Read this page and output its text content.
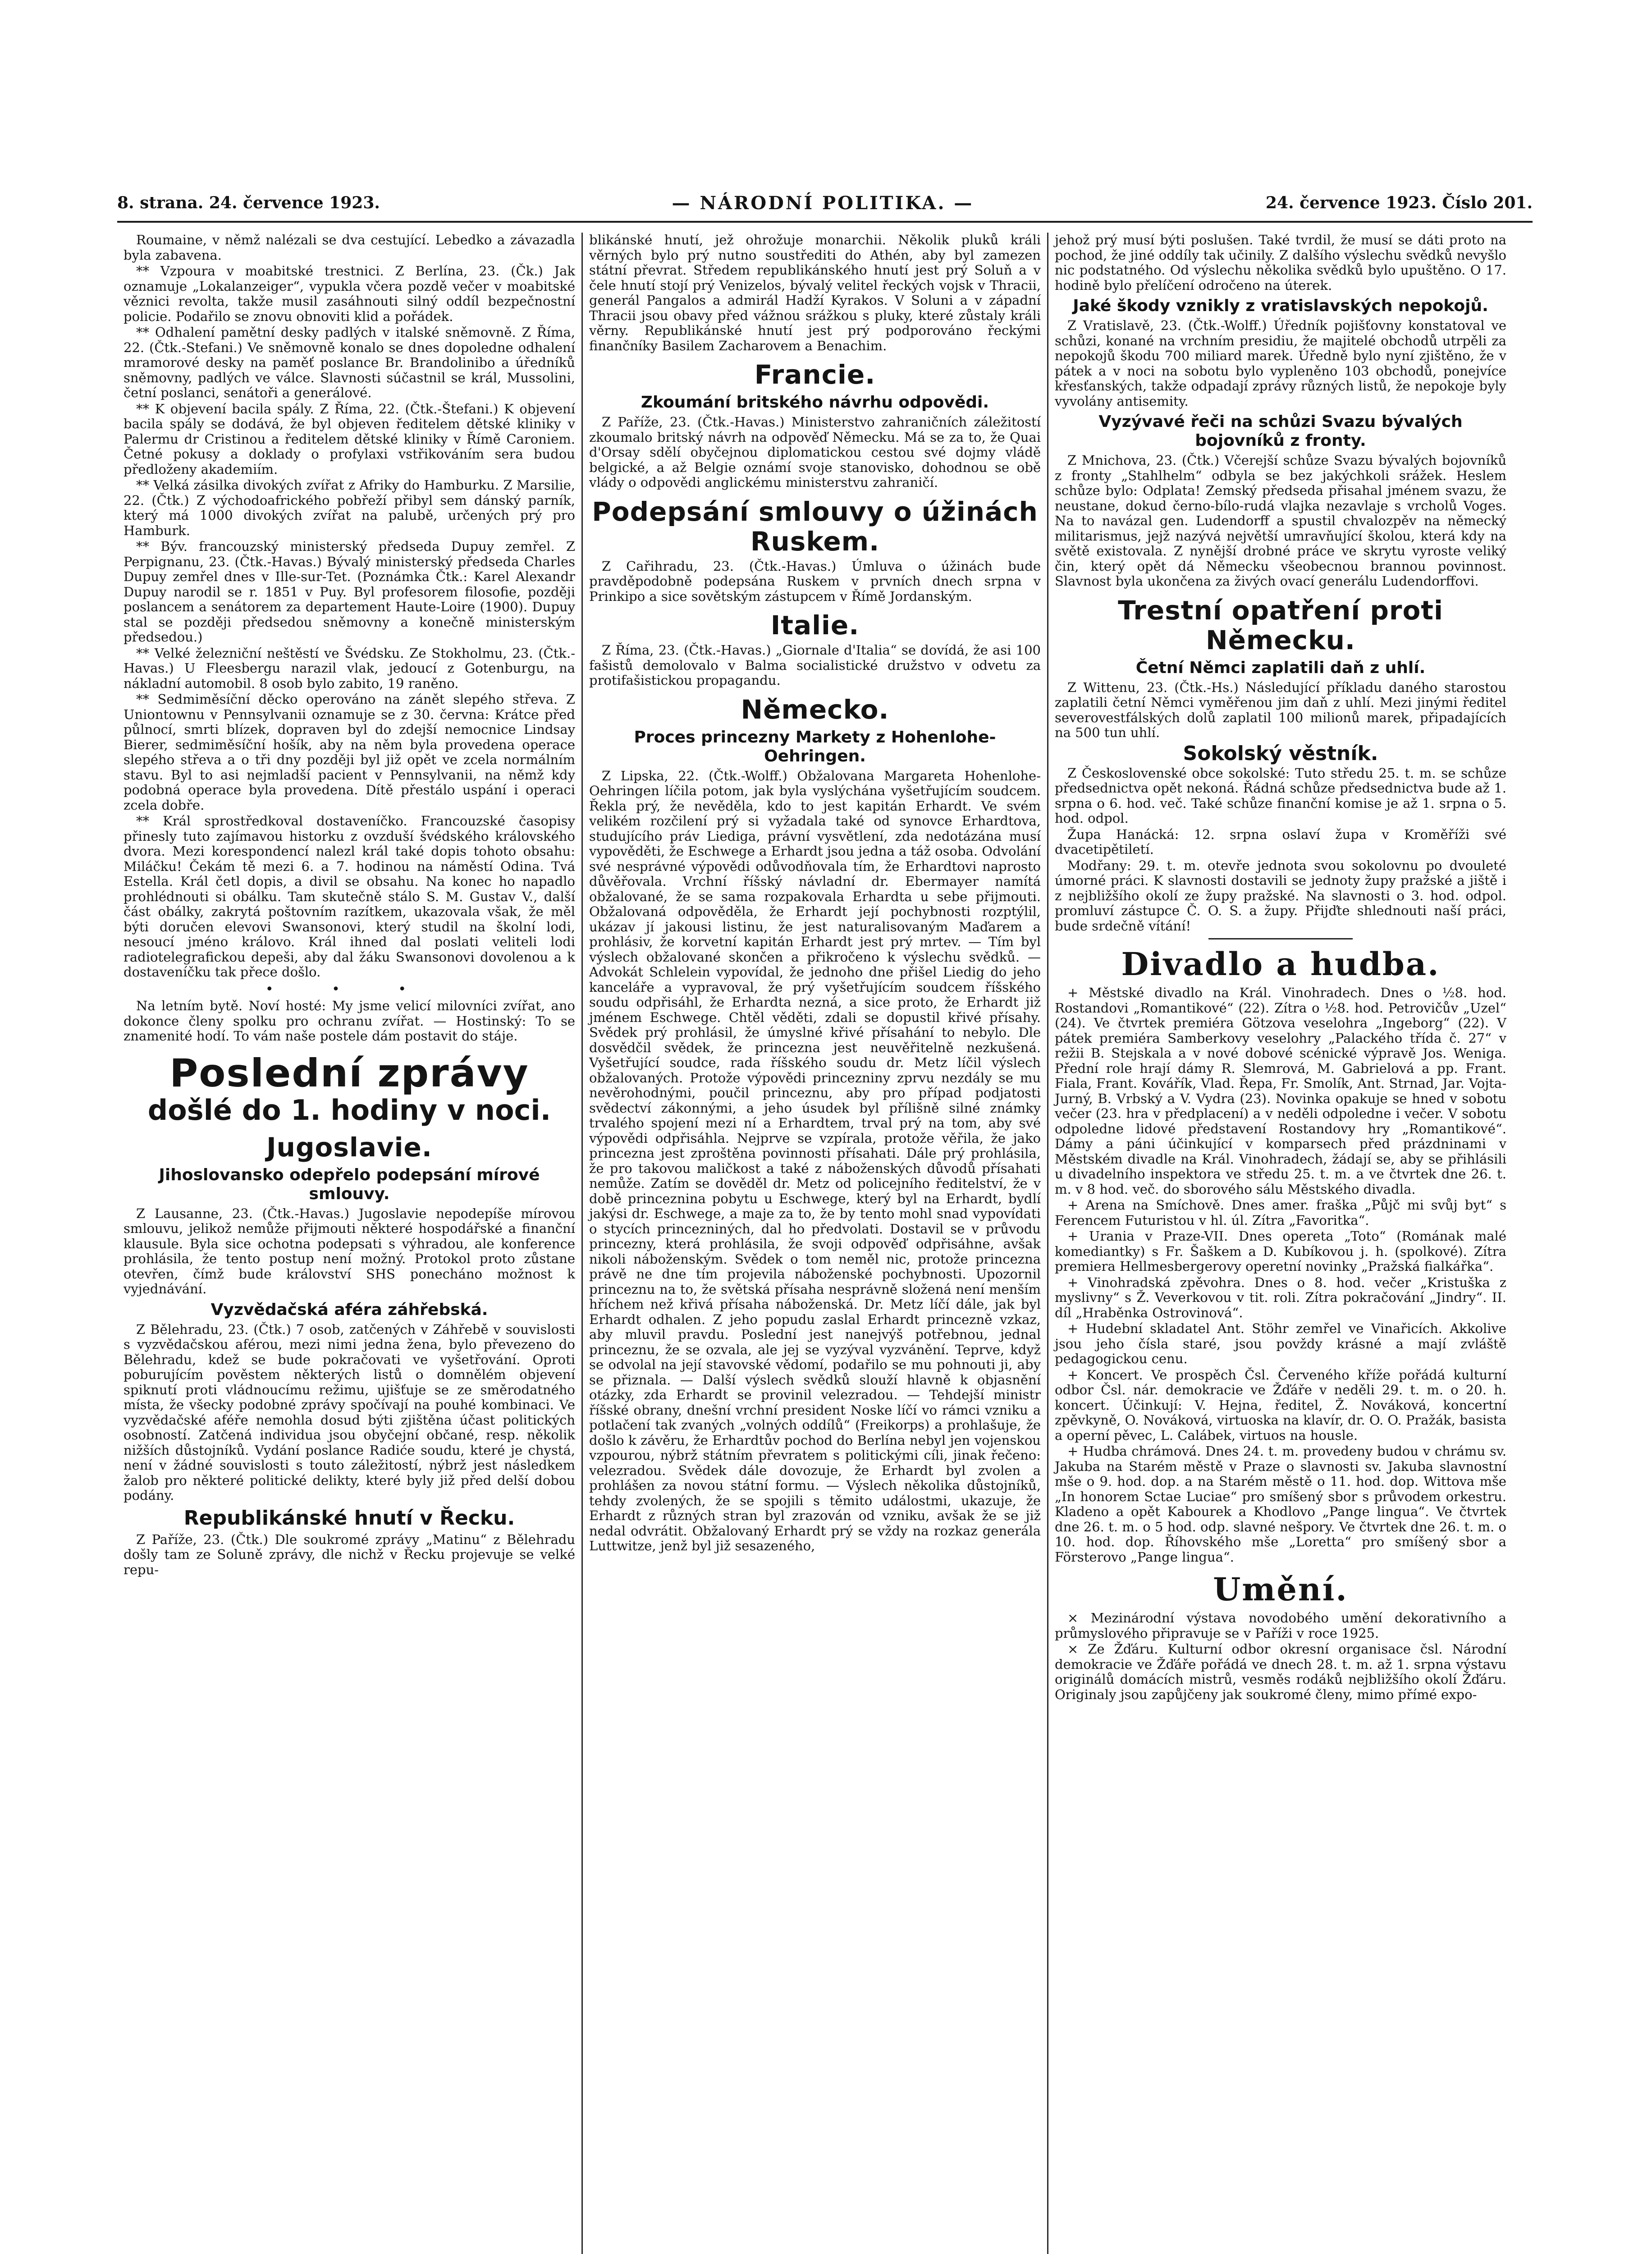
8. strana. 24. července 1923.	— NÁRODNÍ POLITIKA. —	24. července 1923. Číslo 201.

Roumaine, v němž nalézali se dva cestující. Lebedko a závazadla byla zabavena.

** Vzpoura v moabitské trestnici. Z Berlína, 23. (Čk.) Jak oznamuje „Lokalanzeiger“, vypukla včera pozdě večer v moabitské věznici revolta, takže musil zasáhnouti silný oddíl bezpečnostní policie. Podařilo se znovu obnoviti klid a pořádek.

** Odhalení pamětní desky padlých v italské sněmovně. Z Říma, 22. (Čtk.-Stefani.) Ve sněmovně konalo se dnes dopoledne odhalení mramorové desky na paměť poslance Br. Brandolinibo a úředníků sněmovny, padlých ve válce. Slavnosti súčastnil se král, Mussolini, četní poslanci, senátoři a generálové.

** K objevení bacila spály. Z Říma, 22. (Čtk.-Štefani.) K objevení bacila spály se dodává, že byl objeven ředitelem dětské kliniky v Palermu dr Cristinou a ředitelem dětské kliniky v Římě Caroniem. Četné pokusy a doklady o profylaxi vstřikováním sera budou předloženy akademiím.

** Velká zásilka divokých zvířat z Afriky do Hamburku. Z Marsilie, 22. (Čtk.) Z východoafrického pobřeží přibyl sem dánský parník, který má 1000 divokých zvířat na palubě, určených prý pro Hamburk.

** Býv. francouzský ministerský předseda Dupuy zemřel. Z Perpignanu, 23. (Čtk.-Havas.) Bývalý ministerský předseda Charles Dupuy zemřel dnes v Ille-sur-Tet. (Poznámka Čtk.: Karel Alexandr Dupuy narodil se r. 1851 v Puy. Byl profesorem filosofie, později poslancem a senátorem za departement Haute-Loire (1900). Dupuy stal se později předsedou sněmovny a konečně ministerským předsedou.)

** Velké železniční neštěstí ve Švédsku. Ze Stokholmu, 23. (Čtk.-Havas.) U Fleesbergu narazil vlak, jedoucí z Gotenburgu, na nákladní automobil. 8 osob bylo zabito, 19 raněno.

** Sedmiměsíční děcko operováno na zánět slepého střeva. Z Uniontownu v Pennsylvanii oznamuje se z 30. června: Krátce před půlnocí, smrti blízek, dopraven byl do zdejší nemocnice Lindsay Bierer, sedmiměsíční hošík, aby na něm byla provedena operace slepého střeva a o tři dny později byl již opět ve zcela normálním stavu. Byl to asi nejmladší pacient v Pennsylvanii, na němž kdy podobná operace byla provedena. Dítě přestálo uspání i operaci zcela dobře.

** Král sprostředkoval dostaveníčko. Francouzské časopisy přinesly tuto zajímavou historku z ovzduší švédského královského dvora. Mezi korespondencí nalezl král také dopis tohoto obsahu: Miláčku! Čekám tě mezi 6. a 7. hodinou na náměstí Odina. Tvá Estella. Král četl dopis, a divil se obsahu. Na konec ho napadlo prohlédnouti si obálku. Tam skutečně stálo S. M. Gustav V., další část obálky, zakrytá poštovním razítkem, ukazovala však, že měl býti doručen elevovi Swansonovi, který studil na školní lodi, nesoucí jméno královo. Král ihned dal poslati veliteli lodi radiotelegrafickou depeši, aby dal žáku Swansonovi dovolenou a k dostaveníčku tak přece došlo.

• • •

Na letním bytě. Noví hosté: My jsme velicí milovníci zvířat, ano dokonce členy spolku pro ochranu zvířat. — Hostinský: To se znamenité hodí. To vám naše postele dám postavit do stáje.

Poslední zprávy
došlé do 1. hodiny v noci.
Jugoslavie.
Jihoslovansko odepřelo podepsání mírové smlouvy.

Z Lausanne, 23. (Čtk.-Havas.) Jugoslavie nepodepíše mírovou smlouvu, jelikož nemůže přijmouti některé hospodářské a finanční klausule. Byla sice ochotna podepsati s výhradou, ale konference prohlásila, že tento postup není možný. Protokol proto zůstane otevřen, čímž bude království SHS ponecháno možnost k vyjednávání.

Vyzvědačská aféra záhřebská.

Z Bělehradu, 23. (Čtk.) 7 osob, zatčených v Záhřebě v souvislosti s vyzvědačskou aférou, mezi nimi jedna žena, bylo převezeno do Bělehradu, kdež se bude pokračovati ve vyšetřování. Oproti poburujícím pověstem některých listů o domnělém objevení spiknutí proti vládnoucímu režimu, ujišťuje se ze směrodatného místa, že všecky podobné zprávy spočívají na pouhé kombinaci. Ve vyzvědačské aféře nemohla dosud býti zjištěna účast politických osobností. Zatčená individua jsou obyčejní občané, resp. několik nižších důstojníků. Vydání poslance Radiće soudu, které je chystá, není v žádné souvislosti s touto záležitostí, nýbrž jest následkem žalob pro některé politické delikty, které byly již před delší dobou podány.

Republikánské hnutí v Řecku.

Z Paříže, 23. (Čtk.) Dle soukromé zprávy „Matinu“ z Bělehradu došly tam ze Soluně zprávy, dle nichž v Řecku projevuje se velké repu-

blikánské hnutí, jež ohrožuje monarchii. Několik pluků králi věrných bylo prý nutno soustřediti do Athén, aby byl zamezen státní převrat. Středem republikánského hnutí jest prý Soluň a v čele hnutí stojí prý Venizelos, bývalý velitel řeckých vojsk v Thracii, generál Pangalos a admirál Hadží Kyrakos. V Soluni a v západní Thracii jsou obavy před vážnou srážkou s pluky, které zůstaly králi věrny. Republikánské hnutí jest prý podporováno řeckými finančníky Basilem Zacharovem a Benachim.

Francie.
Zkoumání britského návrhu odpovědi.

Z Paříže, 23. (Čtk.-Havas.) Ministerstvo zahraničních záležitostí zkoumalo britský návrh na odpověď Německu. Má se za to, že Quai d'Orsay sdělí obyčejnou diplomatickou cestou své dojmy vládě belgické, a až Belgie oznámí svoje stanovisko, dohodnou se obě vlády o odpovědi anglickému ministerstvu zahraničí.

Podepsání smlouvy o úžinách Ruskem.

Z Cařihradu, 23. (Čtk.-Havas.) Úmluva o úžinách bude pravděpodobně podepsána Ruskem v prvních dnech srpna v Prinkipo a sice sovětským zástupcem v Římě Jordanským.

Italie.

Z Říma, 23. (Čtk.-Havas.) „Giornale d'Italia“ se dovídá, že asi 100 fašistů demolovalo v Balma socialistické družstvo v odvetu za protifašistickou propagandu.

Německo.
Proces princezny Markety z Hohenlohe-Oehringen.

Z Lipska, 22. (Čtk.-Wolff.) Obžalovana Margareta Hohenlohe-Oehringen líčila potom, jak byla vyslýchána vyšetřujícím soudcem. Řekla prý, že nevěděla, kdo to jest kapitán Erhardt. Ve svém velikém rozčilení prý si vyžadala také od synovce Erhardtova, studujícího práv Liediga, právní vysvětlení, zda nedotázána musí vypověděti, že Eschwege a Erhardt jsou jedna a táž osoba. Odvolání své nesprávné výpovědi odůvodňovala tím, že Erhardtovi naprosto důvěřovala. Vrchní říšský návladní dr. Ebermayer namítá obžalované, že se sama rozpakovala Erhardta u sebe přijmouti. Obžalovaná odpověděla, že Erhardt její pochybnosti rozptýlil, ukázav jí jakousi listinu, že jest naturalisovaným Maďarem a prohlásiv, že korvetní kapitán Erhardt jest prý mrtev. — Tím byl výslech obžalované skončen a přikročeno k výslechu svědků. — Advokát Schlelein vypovídal, že jednoho dne přišel Liedig do jeho kanceláře a vypravoval, že prý vyšetřujícím soudcem říšského soudu odpřisáhl, že Erhardta nezná, a sice proto, že Erhardt již jménem Eschwege. Chtěl věděti, zdali se dopustil křivé přísahy. Svědek prý prohlásil, že úmyslné křivé přísahání to nebylo. Dle dosvědčil svědek, že princezna jest neuvěřitelně nezkušená. Vyšetřující soudce, rada říšského soudu dr. Metz líčil výslech obžalovaných. Protože výpovědi princezniny zprvu nezdály se mu nevěrohodnými, poučil princeznu, aby pro případ podjatosti svědectví zákonnými, a jeho úsudek byl přílišně silné známky trvalého spojení mezi ní a Erhardtem, trval prý na tom, aby své výpovědi odpřisáhla. Nejprve se vzpírala, protože věřila, že jako princezna jest zproštěna povinnosti přísahati. Dále prý prohlásila, že pro takovou maličkost a také z náboženských důvodů přísahati nemůže. Zatím se dověděl dr. Metz od policejního ředitelství, že v době princeznina pobytu u Eschwege, který byl na Erhardt, bydlí jakýsi dr. Eschwege, a maje za to, že by tento mohl snad vypovídati o stycích princezniných, dal ho předvolati. Dostavil se v průvodu princezny, která prohlásila, že svoji odpověď odpřisáhne, avšak nikoli náboženským. Svědek o tom neměl nic, protože princezna právě ne dne tím projevila náboženské pochybnosti. Upozornil princeznu na to, že světská přísaha nesprávně složená není menším hříchem než křivá přísaha náboženská. Dr. Metz líčí dále, jak byl Erhardt odhalen. Z jeho popudu zaslal Erhardt princezně vzkaz, aby mluvil pravdu. Poslední jest nanejvýš potřebnou, jednal princeznu, že se ozvala, ale jej se vyzýval vyzvánění. Teprve, když se odvolal na její stavovské vědomí, podařilo se mu pohnouti ji, aby se přiznala. — Další výslech svědků slouží hlavně k objasnění otázky, zda Erhardt se provinil velezradou. — Tehdejší ministr říšské obrany, dnešní vrchní president Noske líčí vo rámci vzniku a potlačení tak zvaných „volných oddílů“ (Freikorps) a prohlašuje, že došlo k závěru, že Erhardtův pochod do Berlína nebyl jen vojenskou vzpourou, nýbrž státním převratem s politickými cíli, jinak řečeno: velezradou. Svědek dále dovozuje, že Erhardt byl zvolen a prohlášen za novou státní formu. — Výslech několika důstojníků, tehdy zvolených, že se spojili s těmito událostmi, ukazuje, že Erhardt z různých stran byl zrazován od vzniku, avšak že se již nedal odvrátit. Obžalovaný Erhardt prý se vždy na rozkaz generála Luttwitze, jenž byl již sesazeného,

jehož prý musí býti poslušen. Také tvrdil, že musí se dáti proto na pochod, že jiné oddíly tak učinily. Z dalšího výslechu svědků nevyšlo nic podstatného. Od výslechu několika svědků bylo upuštěno. O 17. hodině bylo přelíčení odročeno na úterek.

Jaké škody vznikly z vratislavských nepokojů.

Z Vratislavě, 23. (Čtk.-Wolff.) Úředník pojišťovny konstatoval ve schůzi, konané na vrchním presidiu, že majitelé obchodů utrpěli za nepokojů škodu 700 miliard marek. Úředně bylo nyní zjištěno, že v pátek a v noci na sobotu bylo vypleněno 103 obchodů, ponejvíce křesťanských, takže odpadají zprávy různých listů, že nepokoje byly vyvolány antisemity.

Vyzývavé řeči na schůzi Svazu bývalých bojovníků z fronty.

Z Mnichova, 23. (Čtk.) Včerejší schůze Svazu bývalých bojovníků z fronty „Stahlhelm“ odbyla se bez jakýchkoli srážek. Heslem schůze bylo: Odplata! Zemský předseda přisahal jménem svazu, že neustane, dokud černo-bílo-rudá vlajka nezavlaje s vrcholů Voges. Na to navázal gen. Ludendorff a spustil chvalozpěv na německý militarismus, jejž nazývá největší umravňující školou, která kdy na světě existovala. Z nynější drobné práce ve skrytu vyroste veliký čin, který opět dá Německu všeobecnou brannou povinnost. Slavnost byla ukončena za živých ovací generálu Ludendorffovi.

Trestní opatření proti Německu.
Četní Němci zaplatili daň z uhlí.

Z Wittenu, 23. (Čtk.-Hs.) Následující příkladu daného starostou zaplatili četní Němci vyměřenou jim daň z uhlí. Mezi jinými ředitel severovestfálských dolů zaplatil 100 milionů marek, připadajících na 500 tun uhlí.

Sokolský věstník.

Z Československé obce sokolské: Tuto středu 25. t. m. se schůze předsednictva opět nekoná. Řádná schůze předsednictva bude až 1. srpna o 6. hod. več. Také schůze finanční komise je až 1. srpna o 5. hod. odpol.

Župa Hanácká: 12. srpna oslaví župa v Kroměříži své dvacetipětiletí.

Modřany: 29. t. m. otevře jednota svou sokolovnu po dvouleté úmorné práci. K slavnosti dostavili se jednoty župy pražské a jiště i z nejbližšího okolí ze župy pražské. Na slavnosti o 3. hod. odpol. promluví zástupce Č. O. S. a župy. Přijďte shlednouti naší práci, bude srdečně vítání!

Divadlo a hudba.

+ Městské divadlo na Král. Vinohradech. Dnes o ½8. hod. Rostandovi „Romantikové“ (22). Zítra o ½8. hod. Petrovičův „Uzel“ (24). Ve čtvrtek premiéra Götzova veselohra „Ingeborg“ (22). V pátek premiéra Samberkovy veselohry „Palackého třída č. 27“ v režii B. Stejskala a v nové dobové scénické výpravě Jos. Weniga. Přední role hrají dámy R. Slemrová, M. Gabrielová a pp. Frant. Fiala, Frant. Kovářík, Vlad. Řepa, Fr. Smolík, Ant. Strnad, Jar. Vojta-Jurný, B. Vrbský a V. Vydra (23). Novinka opakuje se hned v sobotu večer (23. hra v předplacení) a v neděli odpoledne i večer. V sobotu odpoledne lidové představení Rostandovy hry „Romantikové“. Dámy a páni účinkující v komparsech před prázdninami v Městském divadle na Král. Vinohradech, žádají se, aby se přihlásili u divadelního inspektora ve středu 25. t. m. a ve čtvrtek dne 26. t. m. v 8 hod. več. do sborového sálu Městského divadla.

+ Arena na Smíchově. Dnes amer. fraška „Půjč mi svůj byt“ s Ferencem Futuristou v hl. úl. Zítra „Favoritka“.

+ Urania v Praze-VII. Dnes opereta „Toto“ (Romának malé komediantky) s Fr. Šaškem a D. Kubíkovou j. h. (spolkové). Zítra premiera Hellmesbergerovy operetní novinky „Pražská fialkářka“.

+ Vinohradská zpěvohra. Dnes o 8. hod. večer „Kristuška z myslivny“ s Ž. Veverkovou v tit. roli. Zítra pokračování „Jindry“. II. díl „Hraběnka Ostrovinová“.

+ Hudební skladatel Ant. Stöhr zemřel ve Vinařicích. Akkolive jsou jeho čísla staré, jsou povždy krásné a mají zvláště pedagogickou cenu.

+ Koncert. Ve prospěch Čsl. Červeného kříže pořádá kulturní odbor Čsl. nár. demokracie ve Žďáře v neděli 29. t. m. o 20. h. koncert. Účinkují: V. Hejna, ředitel, Ž. Nováková, koncertní zpěvkyně, O. Nováková, virtuoska na klavír, dr. O. O. Pražák, basista a operní pěvec, L. Calábek, virtuos na housle.

+ Hudba chrámová. Dnes 24. t. m. provedeny budou v chrámu sv. Jakuba na Starém městě v Praze o slavnosti sv. Jakuba slavnostní mše o 9. hod. dop. a na Starém městě o 11. hod. dop. Wittova mše „In honorem Sctae Luciae“ pro smíšený sbor s průvodem orkestru. Kladeno a opět Kabourek a Khodlovo „Pange lingua“. Ve čtvrtek dne 26. t. m. o 5 hod. odp. slavné nešpory. Ve čtvrtek dne 26. t. m. o 10. hod. dop. Říhovského mše „Loretta“ pro smíšený sbor a Försterovo „Pange lingua“.

Umění.

× Mezinárodní výstava novodobého umění dekorativního a průmyslového připravuje se v Paříži v roce 1925.

× Ze Žďáru. Kulturní odbor okresní organisace čsl. Národní demokracie ve Žďáře pořádá ve dnech 28. t. m. až 1. srpna výstavu originálů domácích mistrů, vesměs rodáků nejbližšího okolí Žďáru. Originaly jsou zapůjčeny jak soukromé členy, mimo přímé expo-
